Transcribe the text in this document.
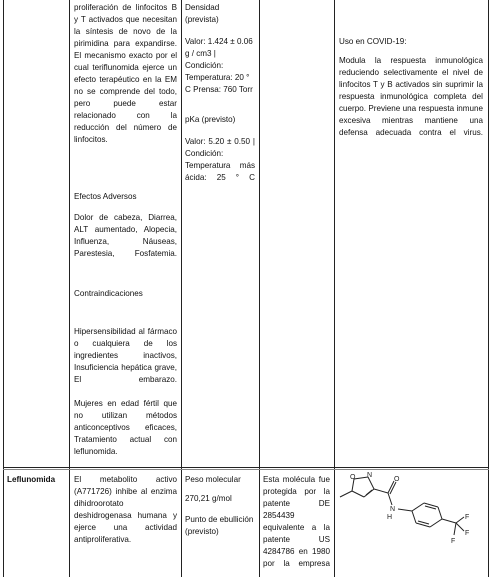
proliferación de linfocitos B y T activados que necesitan la síntesis de novo de la pirimidina para expandirse. El mecanismo exacto por el cual teriflunomida ejerce un efecto terapéutico en la EM no se comprende del todo, pero puede estar relacionado con la reducción del número de linfocitos.

Efectos Adversos

Dolor de cabeza, Diarrea, ALT aumentado, Alopecia, Influenza, Náuseas, Parestesia, Fosfatemia.

Contraindicaciones

Hipersensibilidad al fármaco o cualquiera de los ingredientes inactivos, Insuficiencia hepática grave, El embarazo.

Mujeres en edad fértil que no utilizan métodos anticonceptivos eficaces, Tratamiento actual con leflunomida.

Densidad (prevista)

Valor: 1.424 ± 0.06 g / cm3 | Condición: Temperatura: 20 ° C Prensa: 760 Torr

pKa (previsto)

Valor: 5.20 ± 0.50 | Condición: Temperatura más ácida: 25 ° C

Uso en COVID-19:

Modula la respuesta inmunológica reduciendo selectivamente el nivel de linfocitos T y B activados sin suprimir la respuesta inmunológica completa del cuerpo. Previene una respuesta inmune excesiva mientras mantiene una defensa adecuada contra el virus.

Leflunomida	El metabolito activo (A771726) inhibe al enzima dihidroorotato deshidrogenasa humana y ejerce una actividad antiproliferativa.

Peso molecular

270,21 g/mol

Punto de ebullición (previsto)

Esta molécula fue protegida por la patente DE 2854439 equivalente a la patente US 4284786 en 1980 por la empresa

O N
N
O
H	F
F
F
